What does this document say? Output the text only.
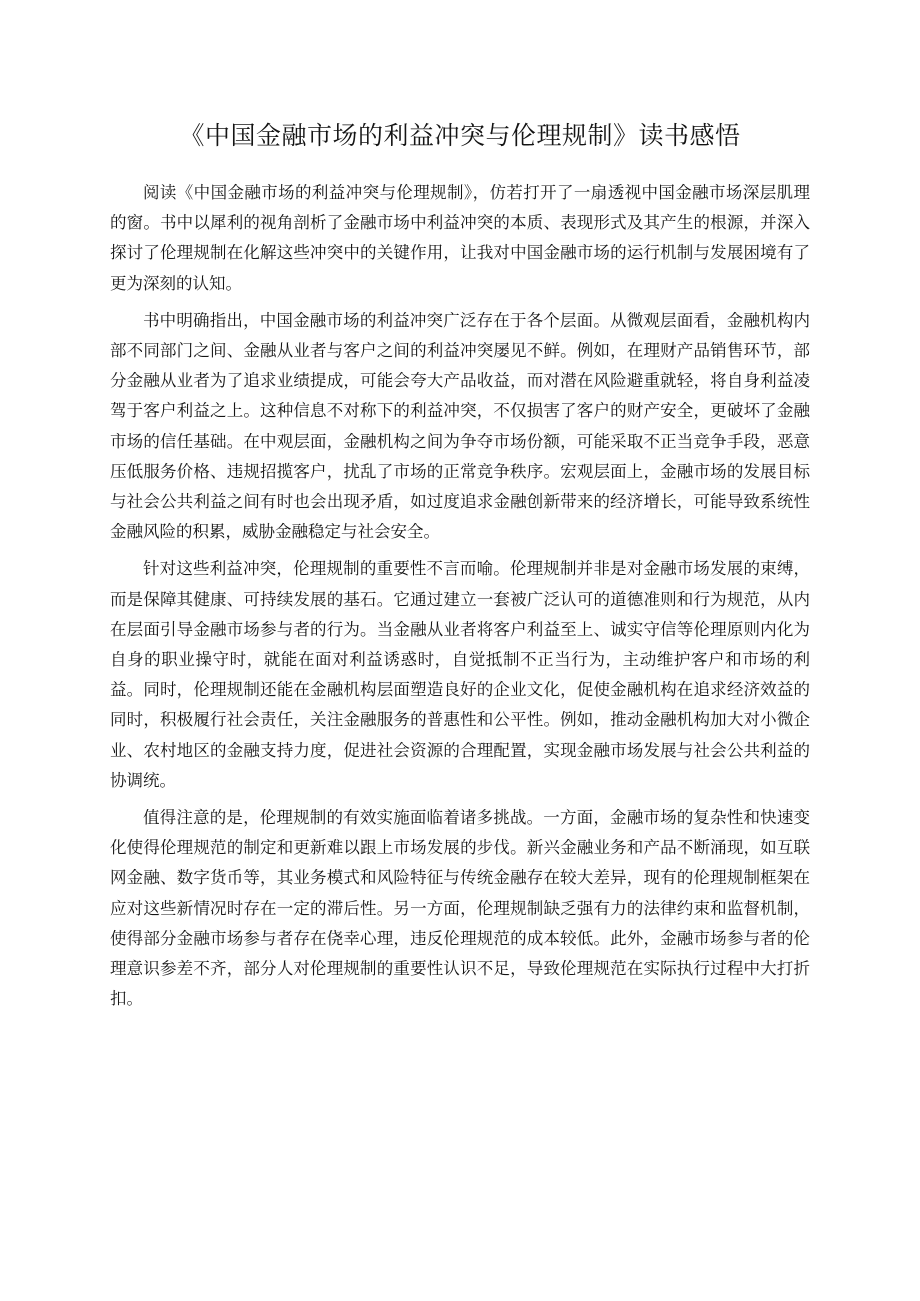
《中国金融市场的利益冲突与伦理规制》读书感悟

阅读《中国金融市场的利益冲突与伦理规制》，仿若打开了一扇透视中国金融市场深层肌理的窗。书中以犀利的视角剖析了金融市场中利益冲突的本质、表现形式及其产生的根源，并深入探讨了伦理规制在化解这些冲突中的关键作用，让我对中国金融市场的运行机制与发展困境有了更为深刻的认知。

书中明确指出，中国金融市场的利益冲突广泛存在于各个层面。从微观层面看，金融机构内部不同部门之间、金融从业者与客户之间的利益冲突屡见不鲜。例如，在理财产品销售环节，部分金融从业者为了追求业绩提成，可能会夸大产品收益，而对潜在风险避重就轻，将自身利益凌驾于客户利益之上。这种信息不对称下的利益冲突，不仅损害了客户的财产安全，更破坏了金融市场的信任基础。在中观层面，金融机构之间为争夺市场份额，可能采取不正当竞争手段，恶意压低服务价格、违规招揽客户，扰乱了市场的正常竞争秩序。宏观层面上，金融市场的发展目标与社会公共利益之间有时也会出现矛盾，如过度追求金融创新带来的经济增长，可能导致系统性金融风险的积累，威胁金融稳定与社会安全。

针对这些利益冲突，伦理规制的重要性不言而喻。伦理规制并非是对金融市场发展的束缚，而是保障其健康、可持续发展的基石。它通过建立一套被广泛认可的道德准则和行为规范，从内在层面引导金融市场参与者的行为。当金融从业者将客户利益至上、诚实守信等伦理原则内化为自身的职业操守时，就能在面对利益诱惑时，自觉抵制不正当行为，主动维护客户和市场的利益。同时，伦理规制还能在金融机构层面塑造良好的企业文化，促使金融机构在追求经济效益的同时，积极履行社会责任，关注金融服务的普惠性和公平性。例如，推动金融机构加大对小微企业、农村地区的金融支持力度，促进社会资源的合理配置，实现金融市场发展与社会公共利益的协调统。

值得注意的是，伦理规制的有效实施面临着诸多挑战。一方面，金融市场的复杂性和快速变化使得伦理规范的制定和更新难以跟上市场发展的步伐。新兴金融业务和产品不断涌现，如互联网金融、数字货币等，其业务模式和风险特征与传统金融存在较大差异，现有的伦理规制框架在应对这些新情况时存在一定的滞后性。另一方面，伦理规制缺乏强有力的法律约束和监督机制，使得部分金融市场参与者存在侥幸心理，违反伦理规范的成本较低。此外，金融市场参与者的伦理意识参差不齐，部分人对伦理规制的重要性认识不足，导致伦理规范在实际执行过程中大打折扣。
